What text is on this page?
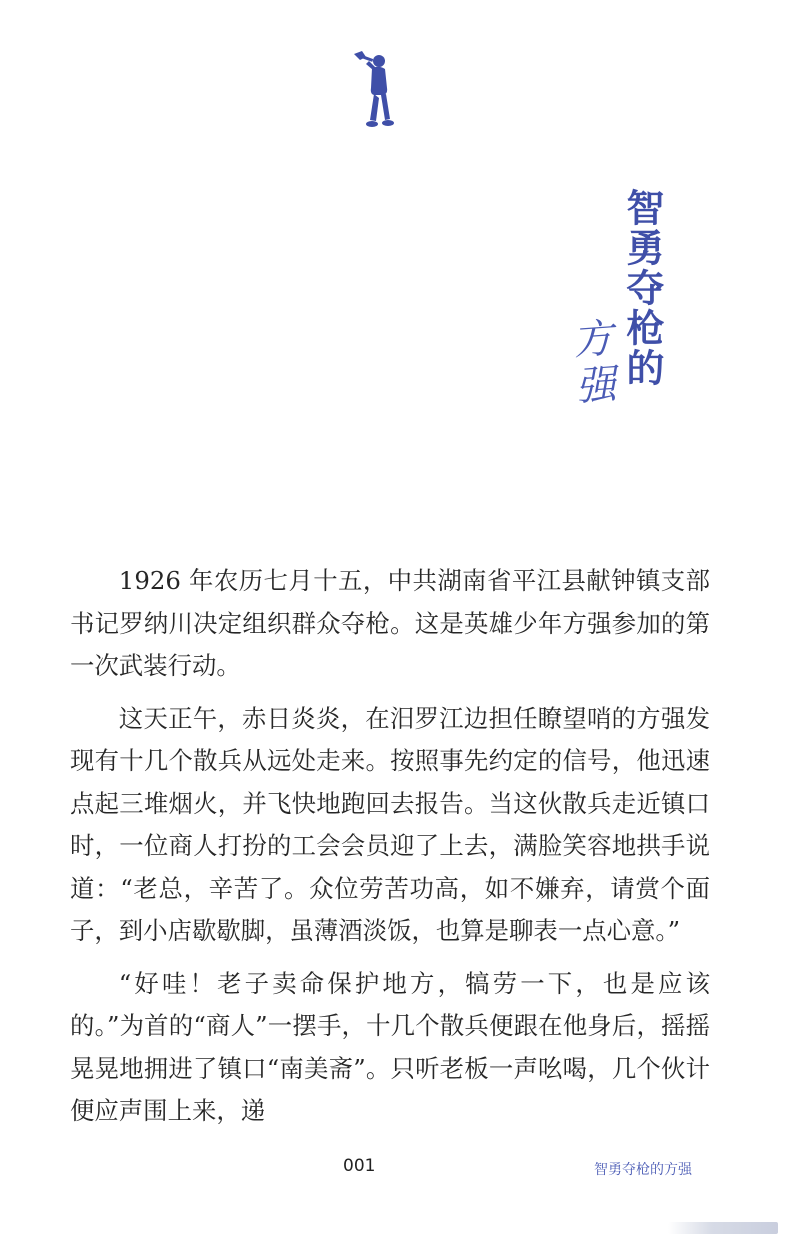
智勇夺枪的
方强

1926 年农历七月十五，中共湖南省平江县献钟镇支部书记罗纳川决定组织群众夺枪。这是英雄少年方强参加的第一次武装行动。

这天正午，赤日炎炎，在汨罗江边担任瞭望哨的方强发现有十几个散兵从远处走来。按照事先约定的信号，他迅速点起三堆烟火，并飞快地跑回去报告。当这伙散兵走近镇口时，一位商人打扮的工会会员迎了上去，满脸笑容地拱手说道：“老总，辛苦了。众位劳苦功高，如不嫌弃，请赏个面子，到小店歇歇脚，虽薄酒淡饭，也算是聊表一点心意。”

“好哇！老子卖命保护地方，犒劳一下，也是应该的。”为首的“商人”一摆手，十几个散兵便跟在他身后，摇摇晃晃地拥进了镇口“南美斋”。只听老板一声吆喝，几个伙计便应声围上来，递

001	智勇夺枪的方强
